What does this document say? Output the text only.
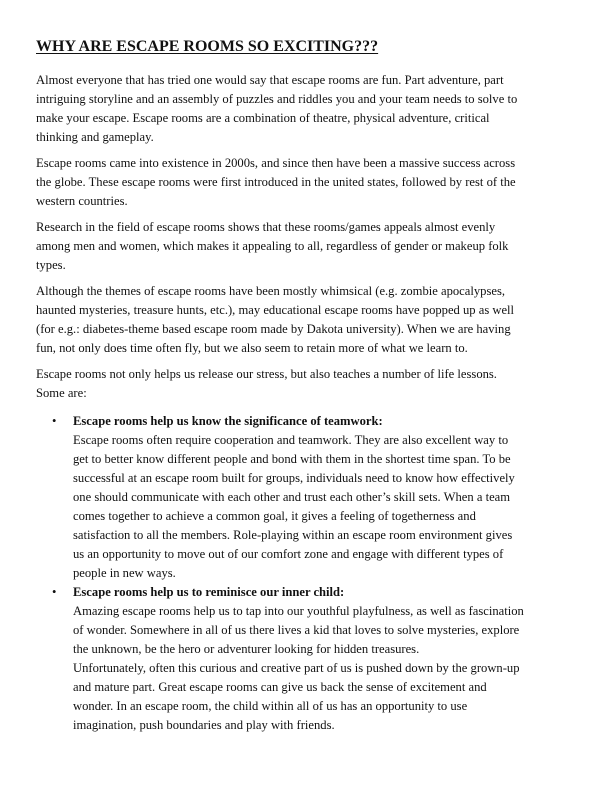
WHY ARE ESCAPE ROOMS SO EXCITING???

Almost everyone that has tried one would say that escape rooms are fun. Part adventure, part
intriguing storyline and an assembly of puzzles and riddles you and your team needs to solve to
make your escape. Escape rooms are a combination of theatre, physical adventure, critical
thinking and gameplay.

Escape rooms came into existence in 2000s, and since then have been a massive success across
the globe. These escape rooms were first introduced in the united states, followed by rest of the
western countries.

Research in the field of escape rooms shows that these rooms/games appeals almost evenly
among men and women, which makes it appealing to all, regardless of gender or makeup folk
types.

Although the themes of escape rooms have been mostly whimsical (e.g. zombie apocalypses,
haunted mysteries, treasure hunts, etc.), may educational escape rooms have popped up as well
(for e.g.: diabetes-theme based escape room made by Dakota university). When we are having
fun, not only does time often fly, but we also seem to retain more of what we learn to.

Escape rooms not only helps us release our stress, but also teaches a number of life lessons.
Some are:

• Escape rooms help us know the significance of teamwork:
Escape rooms often require cooperation and teamwork. They are also excellent way to
get to better know different people and bond with them in the shortest time span. To be
successful at an escape room built for groups, individuals need to know how effectively
one should communicate with each other and trust each other’s skill sets. When a team
comes together to achieve a common goal, it gives a feeling of togetherness and
satisfaction to all the members. Role-playing within an escape room environment gives
us an opportunity to move out of our comfort zone and engage with different types of
people in new ways.
• Escape rooms help us to reminisce our inner child:
Amazing escape rooms help us to tap into our youthful playfulness, as well as fascination
of wonder. Somewhere in all of us there lives a kid that loves to solve mysteries, explore
the unknown, be the hero or adventurer looking for hidden treasures.
Unfortunately, often this curious and creative part of us is pushed down by the grown-up
and mature part. Great escape rooms can give us back the sense of excitement and
wonder. In an escape room, the child within all of us has an opportunity to use
imagination, push boundaries and play with friends.
